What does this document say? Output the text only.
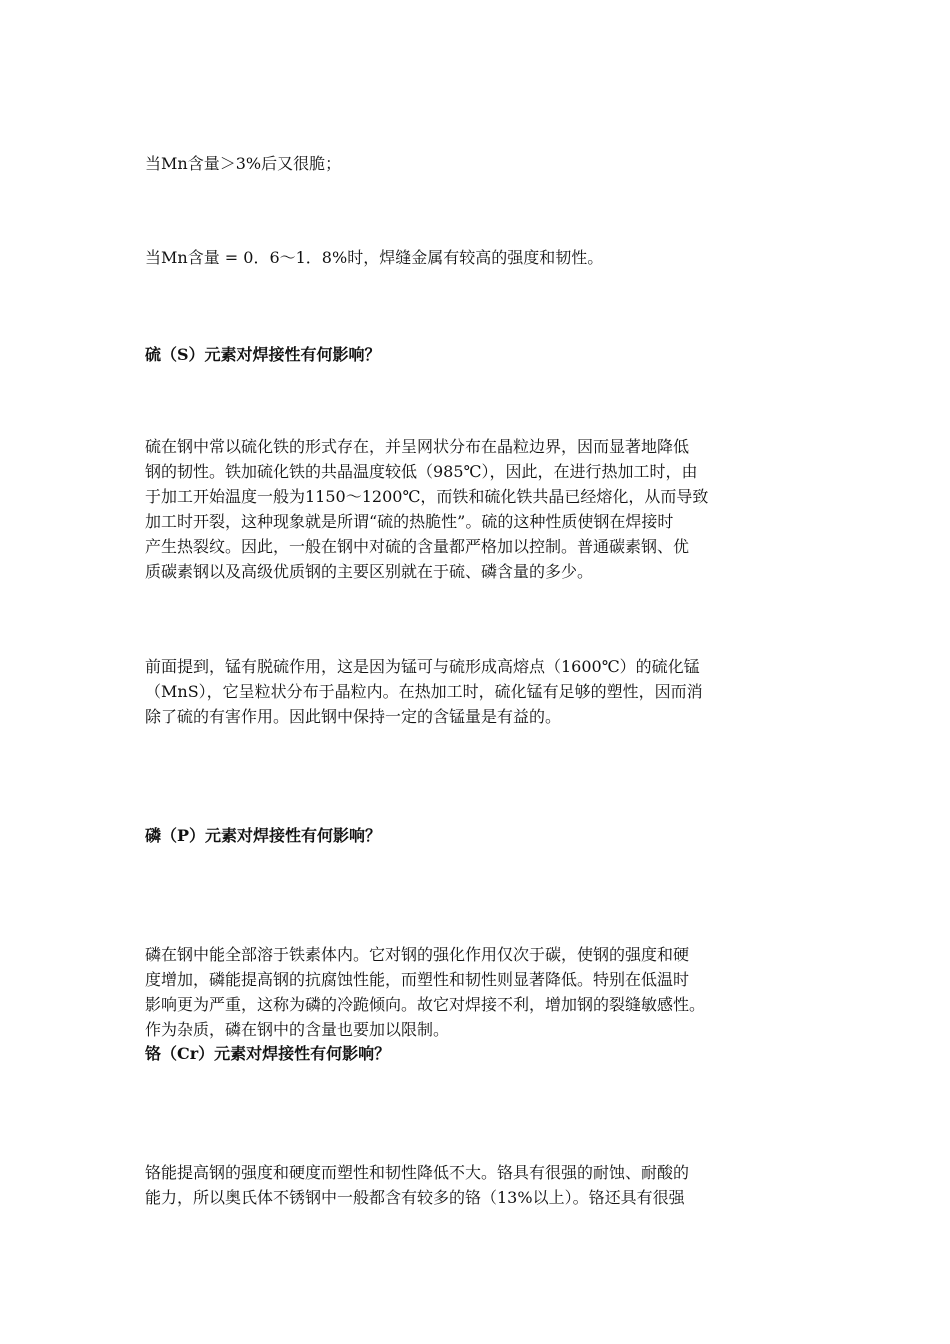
当Mn含量＞3%后又很脆；

当Mn含量 = 0．6～1．8%时，焊缝金属有较高的强度和韧性。

硫（S）元素对焊接性有何影响？
硫在钢中常以硫化铁的形式存在，并呈网状分布在晶粒边界，因而显著地降低
钢的韧性。铁加硫化铁的共晶温度较低（985℃），因此，在进行热加工时，由
于加工开始温度一般为1150～1200℃，而铁和硫化铁共晶已经熔化，从而导致
加工时开裂，这种现象就是所谓“硫的热脆性”。硫的这种性质使钢在焊接时
产生热裂纹。因此，一般在钢中对硫的含量都严格加以控制。普通碳素钢、优
质碳素钢以及高级优质钢的主要区别就在于硫、磷含量的多少。
前面提到，锰有脱硫作用，这是因为锰可与硫形成高熔点（1600℃）的硫化锰
（MnS），它呈粒状分布于晶粒内。在热加工时，硫化锰有足够的塑性，因而消
除了硫的有害作用。因此钢中保持一定的含锰量是有益的。
磷（P）元素对焊接性有何影响？
磷在钢中能全部溶于铁素体内。它对钢的强化作用仅次于碳，使钢的强度和硬
度增加，磷能提高钢的抗腐蚀性能，而塑性和韧性则显著降低。特别在低温时
影响更为严重，这称为磷的冷跪倾向。故它对焊接不利，增加钢的裂缝敏感性。
作为杂质，磷在钢中的含量也要加以限制。
铬（Cr）元素对焊接性有何影响？
铬能提高钢的强度和硬度而塑性和韧性降低不大。铬具有很强的耐蚀、耐酸的
能力，所以奥氏体不锈钢中一般都含有较多的铬（13%以上）。铬还具有很强
